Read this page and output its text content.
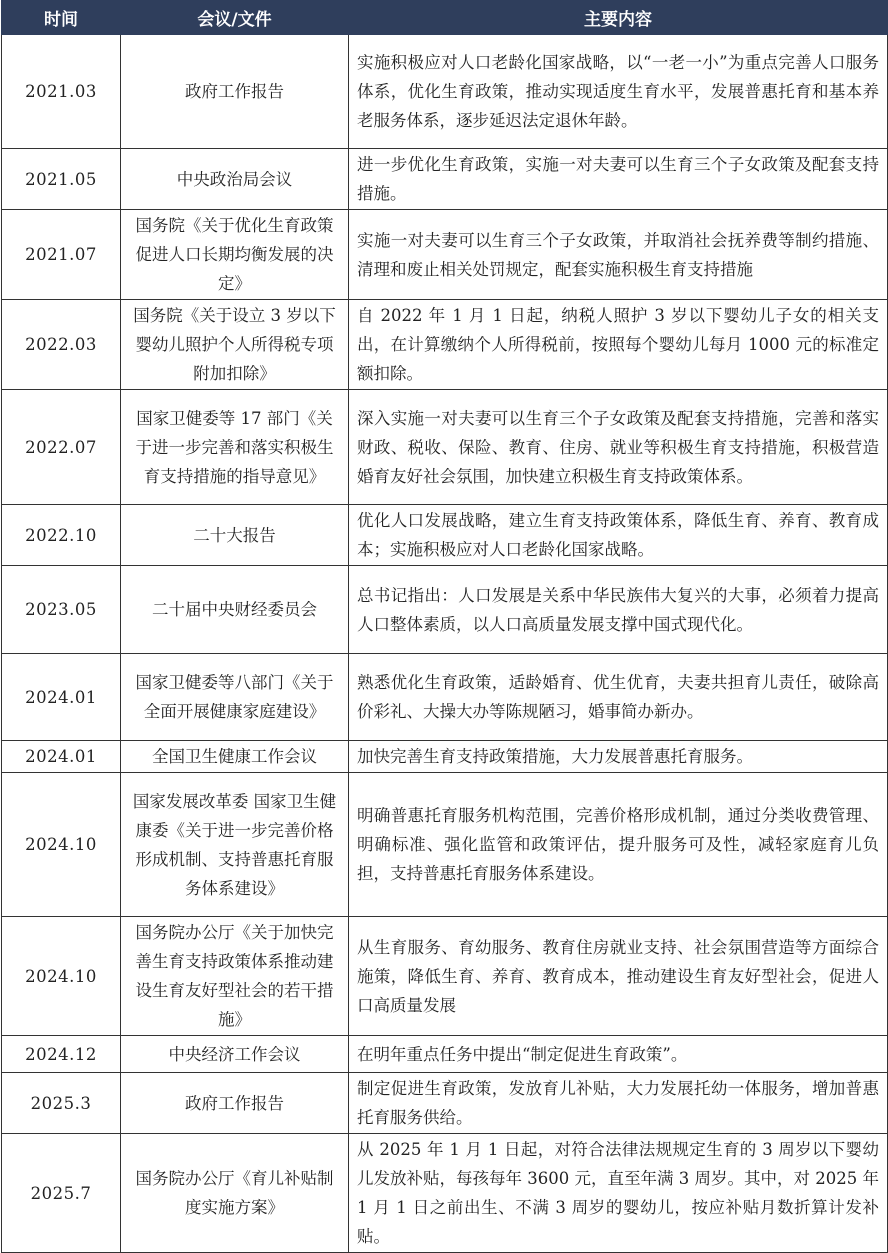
时间	会议/文件	主要内容
2021.03	政府工作报告	实施积极应对人口老龄化国家战略，以“一老一小”为重点完善人口服务体系，优化生育政策，推动实现适度生育水平，发展普惠托育和基本养老服务体系，逐步延迟法定退休年龄。
2021.05	中央政治局会议	进一步优化生育政策，实施一对夫妻可以生育三个子女政策及配套支持措施。
2021.07	国务院《关于优化生育政策促进人口长期均衡发展的决定》	实施一对夫妻可以生育三个子女政策，并取消社会抚养费等制约措施、清理和废止相关处罚规定，配套实施积极生育支持措施
2022.03	国务院《关于设立 3 岁以下婴幼儿照护个人所得税专项附加扣除》	自 2022 年 1 月 1 日起，纳税人照护 3 岁以下婴幼儿子女的相关支出，在计算缴纳个人所得税前，按照每个婴幼儿每月 1000 元的标准定额扣除。
2022.07	国家卫健委等 17 部门《关于进一步完善和落实积极生育支持措施的指导意见》	深入实施一对夫妻可以生育三个子女政策及配套支持措施，完善和落实财政、税收、保险、教育、住房、就业等积极生育支持措施，积极营造婚育友好社会氛围，加快建立积极生育支持政策体系。
2022.10	二十大报告	优化人口发展战略，建立生育支持政策体系，降低生育、养育、教育成本；实施积极应对人口老龄化国家战略。
2023.05	二十届中央财经委员会	总书记指出：人口发展是关系中华民族伟大复兴的大事，必须着力提高人口整体素质，以人口高质量发展支撑中国式现代化。
2024.01	国家卫健委等八部门《关于全面开展健康家庭建设》	熟悉优化生育政策，适龄婚育、优生优育，夫妻共担育儿责任，破除高价彩礼、大操大办等陈规陋习，婚事简办新办。
2024.01	全国卫生健康工作会议	加快完善生育支持政策措施，大力发展普惠托育服务。
2024.10	国家发展改革委 国家卫生健康委《关于进一步完善价格形成机制、支持普惠托育服务体系建设》	明确普惠托育服务机构范围，完善价格形成机制，通过分类收费管理、明确标准、强化监管和政策评估，提升服务可及性，减轻家庭育儿负担，支持普惠托育服务体系建设。
2024.10	国务院办公厅《关于加快完善生育支持政策体系推动建设生育友好型社会的若干措施》	从生育服务、育幼服务、教育住房就业支持、社会氛围营造等方面综合施策，降低生育、养育、教育成本，推动建设生育友好型社会，促进人口高质量发展
2024.12	中央经济工作会议	在明年重点任务中提出“制定促进生育政策”。
2025.3	政府工作报告	制定促进生育政策，发放育儿补贴，大力发展托幼一体服务，增加普惠托育服务供给。
2025.7	国务院办公厅《育儿补贴制度实施方案》	从 2025 年 1 月 1 日起，对符合法律法规规定生育的 3 周岁以下婴幼儿发放补贴，每孩每年 3600 元，直至年满 3 周岁。其中，对 2025 年 1 月 1 日之前出生、不满 3 周岁的婴幼儿，按应补贴月数折算计发补贴。
